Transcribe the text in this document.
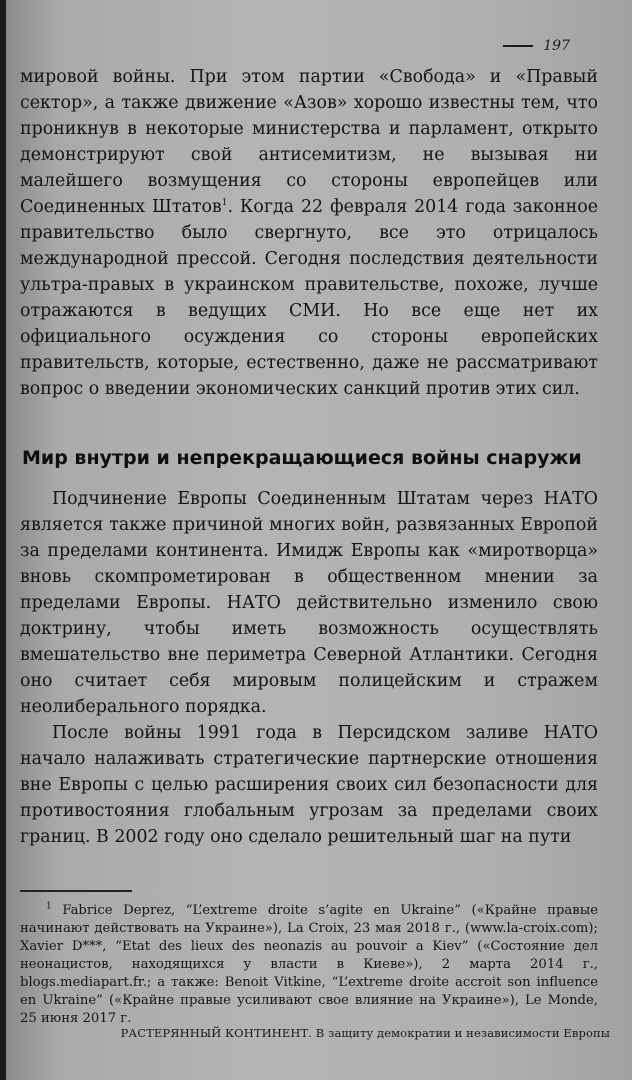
197

мировой войны. При этом партии «Свобода» и «Правый сектор», а также движение «Азов» хорошо известны тем, что проникнув в некоторые министерства и парламент, открыто демонстрируют свой антисемитизм, не вызывая ни малейшего возмущения со стороны европейцев или Соединенных Штатов$^1$. Когда 22 февраля 2014 года законное правительство было свергнуто, все это отрицалось международной прессой. Сегодня последствия деятельности ультра-правых в украинском правительстве, похоже, лучше отражаются в ведущих СМИ. Но все еще нет их официального осуждения со стороны европейских правительств, которые, естественно, даже не рассматривают вопрос о введении экономических санкций против этих сил.

Мир внутри и непрекращающиеся войны снаружи

Подчинение Европы Соединенным Штатам через НАТО является также причиной многих войн, развязанных Европой за пределами континента. Имидж Европы как «миротворца» вновь скомпрометирован в общественном мнении за пределами Европы. НАТО действительно изменило свою доктрину, чтобы иметь возможность осуществлять вмешательство вне периметра Северной Атлантики. Сегодня оно считает себя мировым полицейским и стражем неолиберального порядка.

После войны 1991 года в Персидском заливе НАТО начало налаживать стратегические партнерские отношения вне Европы с целью расширения своих сил безопасности для противостояния глобальным угрозам за пределами своих границ. В 2002 году оно сделало решительный шаг на пути

$^1$ Fabrice Deprez, “L’extreme droite s’agite en Ukraine” («Крайне правые начинают действовать на Украине»), La Croix, 23 мая 2018 г., (www.la-croix.com); Xavier D***, “Etat des lieux des neonazis au pouvoir a Kiev” («Состояние дел неонацистов, находящихся у власти в Киеве»), 2 марта 2014 г., blogs.mediapart.fr.; а также: Benoit Vitkine, “L’extreme droite accroit son influence en Ukraine” («Крайне правые усиливают свое влияние на Украине»), Le Monde, 25 июня 2017 г.

РАСТЕРЯННЫЙ КОНТИНЕНТ. В защиту демократии и независимости Европы
